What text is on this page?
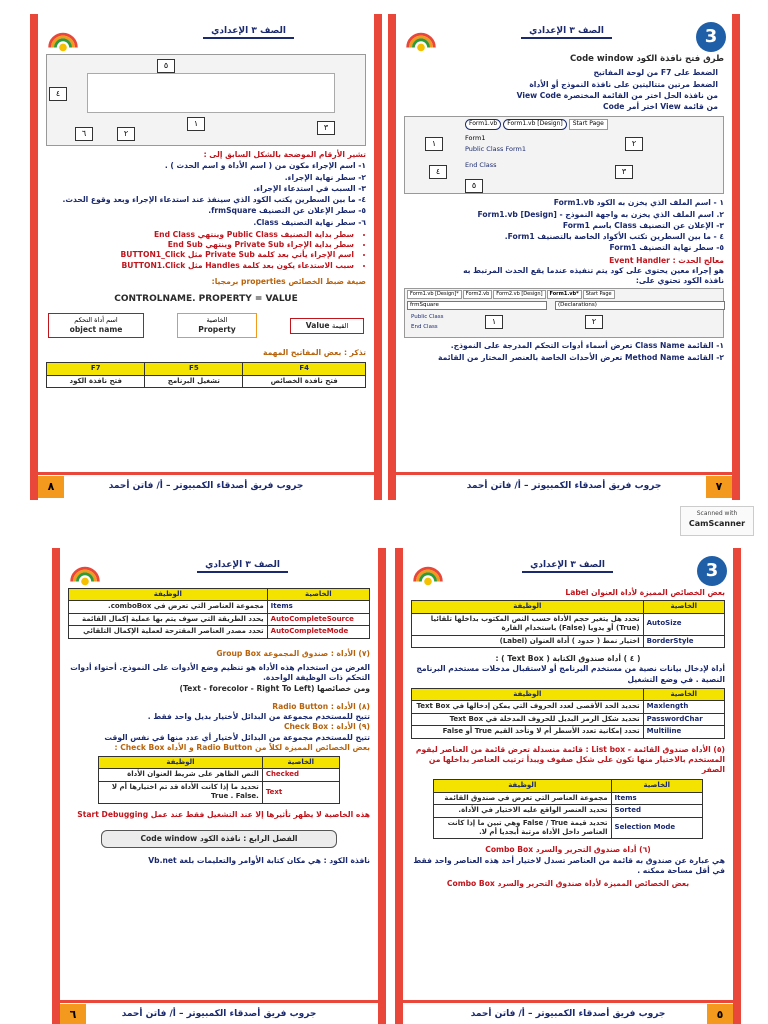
الصف ٣ الإعدادي
٥
٤
١
٦	٢
٣
تشير الأرقام الموضحة بالشكل السابق إلى :
١- اسم الإجراء مكون من ( اسم الأداة و اسم الحدث ) .
٢- سطر نهاية الإجراء.
٣- السبب في استدعاء الإجراء.
٤- ما بين السطرين يكتب الكود الذي سينفذ عند استدعاء الإجراء وبعد وقوع الحدث.
٥- سطر الإعلان عن التصنيف frmSquare.
٦- سطر نهاية التصنيف Class.
• سطر بداية التصنيف Public Class وينتهي End Class
• سطر بداية الإجراء Private Sub وينتهي End Sub
• اسم الإجراء يأتي بعد كلمة Private Sub مثل BUTTON1_Click
• سبب الاستدعاء يكون بعد كلمة Handles مثل BUTTON1.Click
صيغة ضبط الخصائص properties برمجيا:
CONTROLNAME. PROPERTY = VALUE
اسم أداة التحكم
object name
الخاصية
Property	Value القيمة
تذكر : بعض المفاتيح المهمة
F4	F5	F7
فتح نافذة الخصائص	تشغيل البرنامج	فتح نافذة الكود
جروب فريق أصدقاء الكمبيوتر – أ/ فاتن أحمد
٨
الصف ٣ الإعدادي	3
طرق فتح نافذة الكود Code window
الضغط على F7 من لوحة المفاتيح
الضغط مرتين متتاليتين على نافذة النموذج أو الأداة
من نافذة الحل اختر من القائمة المختصرة View Code
من قائمة View اختر أمر Code
Form1.vb	Form1.vb [Design]	Start Page
Form1
Public Class Form1
End Class
١	٢
٤	٣
٥
١ - اسم الملف الذي يخزن به الكود Form1.vb
٢. اسم الملف الذي يخزن به واجهة النموذج - Form1.vb [Design]
٣- الإعلان عن التصنيف Class باسم Form1
٤ - ما بين السطرين تكتب الأكواد الخاصة بالتصنيف Form1.
٥- سطر نهاية التصنيف Form1
معالج الحدث : Event Handler
هو إجراء معين يحتوى على كود يتم تنفيذه عندما يقع الحدث المرتبط به
نافذة الكود تحتوي على:
Form1.vb [Design]*	Form2.vb	Form2.vb [Design]	Form1.vb*	Start Page
frmSquare	(Declarations)
Public Class
End Class
١	٢
١- القائمة Class Name تعرض أسماء أدوات التحكم المدرجة على النموذج.
٢- القائمة Method Name تعرض الأحداث الخاصة بالعنصر المختار من القائمة
جروب فريق أصدقاء الكمبيوتر – أ/ فاتن أحمد	٧
Scanned with
CamScanner
الصف ٣ الإعدادي
الخاصية	الوظيفة
Items	مجموعة العناصر التي تعرض في comboBox.
AutoCompleteSource	يحدد الطريقة التي سوف يتم بها عملية إكمال القائمة
AutoCompleteMode	تحدد مصدر العناصر المقترحة لعملية الإكمال التلقائي
(٧) الأداة : صندوق المجموعة Group Box
الغرض من استخدام هذه الأداة هو تنظيم وضع الأدوات على النموذج. أحتواء أدوات التحكم ذات الوظيفة الواحدة.
ومن خصائصها (Text - forecolor - Right To Left)
(٨) الأداة : Radio Button
تتيح للمستخدم مجموعة من البدائل لأختيار بديل واحد فقط .
(٩) الأداة : Check Box
تتيح للمستخدم مجموعة من البدائل لأختيار أي عدد منها في نفس الوقت
بعض الخصائص المميزة لكلاً من Radio Button و الأداة Check Box :
الخاصية	الوظيفة
Checked	النص الظاهر على شريط العنوان الأداة
Text	تحديد ما إذا كانت الأداة قد تم اختيارها أم لا .True . False
هذه الخاصية لا يظهر تأثيرها إلا عند التشغيل فقط عند عمل Start Debugging
الفصل الرابع : نافذة الكود Code window
نافذة الكود : هي مكان كتابة الأوامر والتعليمات بلغة Vb.net
جروب فريق أصدقاء الكمبيوتر – أ/ فاتن أحمد
٦
الصف ٣ الإعدادي	3
بعض الخصائص المميزة لأداة العنوان Label
الخاصية	الوظيفة
AutoSize	تحدد هل يتغير حجم الأداة حسب النص المكتوب بداخلها تلقائيا (True) أو يدويا (False) باستخدام الفارة
BorderStyle	اختيار نمط ( حدود ) أداة العنوان (Label)
( ٤ ) أداة صندوق الكتابة ( Text Box ) :
أداة لإدخال بيانات نصية من مستخدم البرنامج أو لاستقبال مدخلات مستخدم البرنامج النصية . في وضع التشغيل
الخاصية	الوظيفة
Maxlength	تحديد الحد الأقصى لعدد الحروف التي يمكن إدخالها في Text Box
PasswordChar	تحديد شكل الرمز البديل للحروف المدخلة في Text Box
Multiline	تحدد إمكانية تعدد الأسطر أم لا وتأخذ القيم True أو False
(٥) الأداة صندوق القائمة - List box : قائمة منسدلة تعرض قائمة من العناصر ليقوم المستخدم بالاختيار منها تكون على شكل صفوف ويبدأ ترتيب العناصر بداخلها من الصفر
الخاصية	الوظيفة
Items	مجموعة العناصر التي تعرض في صندوق القائمة
Sorted	تحديد العنصر الواقع عليه الاختيار في الأداة.
Selection Mode	تحديد قيمة False / True وهي تبين ما إذا كانت العناصر داخل الأداة مرتبة أبجديا أم لا.
(٦) أداة صندوق التحرير والسرد Combo Box
هي عبارة عن صندوق به قائمة من العناصر تسدل لاختيار أحد هذه العناصر واحد فقط في أقل مساحة ممكنه .
بعض الخصائص المميزة لأداة صندوق التحرير والسرد Combo Box
جروب فريق أصدقاء الكمبيوتر – أ/ فاتن أحمد	٥
